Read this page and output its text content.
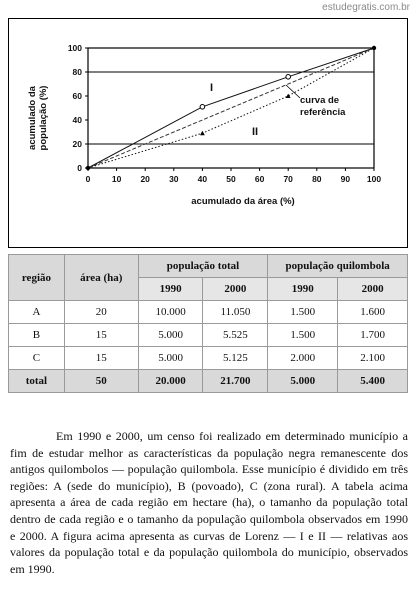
estudegratis.com.br
0	10 20 30 40 50 60 70 80 90 100
0
20
40
60
80
100
acumulado da população (%)
acumulado da área (%)
curva de
referência
I
II
região	área (ha)	população total		população quilombola	
		1990	2000	1990	2000
A	20	10.000	11.050	1.500	1.600
B	15	5.000	5.525	1.500	1.700
C	15	5.000	5.125	2.000	2.100
total	50	20.000	21.700	5.000	5.400

Em 1990 e 2000, um censo foi realizado em determinado município a fim de estudar melhor as características da população negra remanescente dos antigos quilombolos — população quilombola. Esse município é dividido em três regiões: A (sede do município), B (povoado), C (zona rural). A tabela acima apresenta a área de cada região em hectare (ha), o tamanho da população total dentro de cada região e o tamanho da população quilombola observados em 1990 e 2000. A figura acima apresenta as curvas de Lorenz — I e II — relativas aos valores da população total e da população quilombola do município, observados em 1990.
